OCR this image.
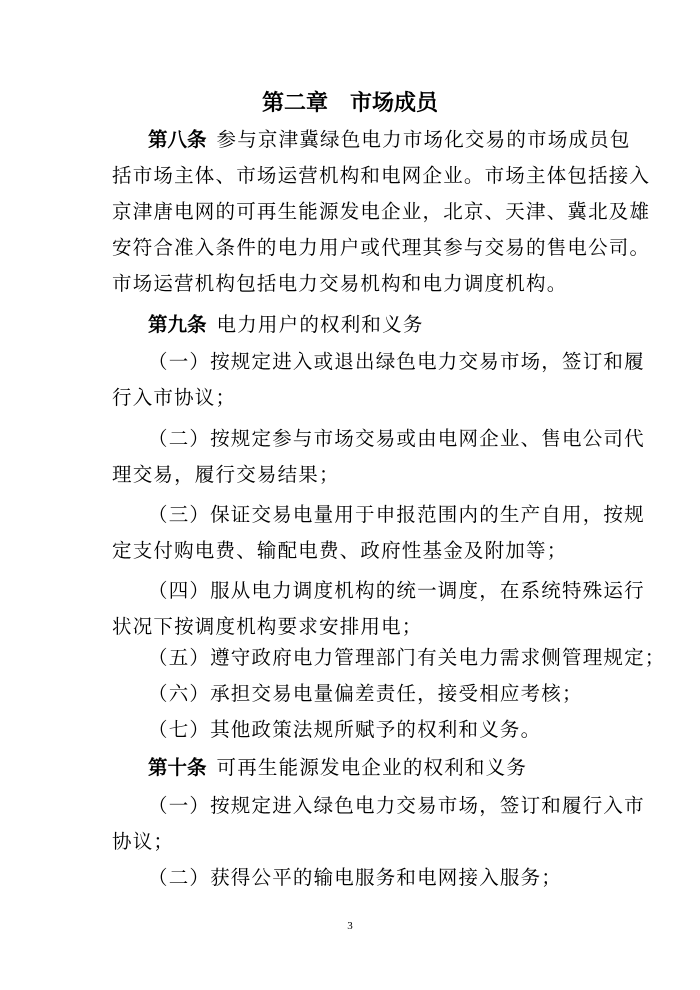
第二章　市场成员
第八条 参与京津冀绿色电力市场化交易的市场成员包
括市场主体、市场运营机构和电网企业。市场主体包括接入
京津唐电网的可再生能源发电企业，北京、天津、冀北及雄
安符合准入条件的电力用户或代理其参与交易的售电公司。
市场运营机构包括电力交易机构和电力调度机构。
第九条 电力用户的权利和义务
（一）按规定进入或退出绿色电力交易市场，签订和履
行入市协议；
（二）按规定参与市场交易或由电网企业、售电公司代
理交易，履行交易结果；
（三）保证交易电量用于申报范围内的生产自用，按规
定支付购电费、输配电费、政府性基金及附加等；
（四）服从电力调度机构的统一调度，在系统特殊运行
状况下按调度机构要求安排用电；
（五）遵守政府电力管理部门有关电力需求侧管理规定；
（六）承担交易电量偏差责任，接受相应考核；
（七）其他政策法规所赋予的权利和义务。
第十条 可再生能源发电企业的权利和义务
（一）按规定进入绿色电力交易市场，签订和履行入市
协议；
（二）获得公平的输电服务和电网接入服务；
3
